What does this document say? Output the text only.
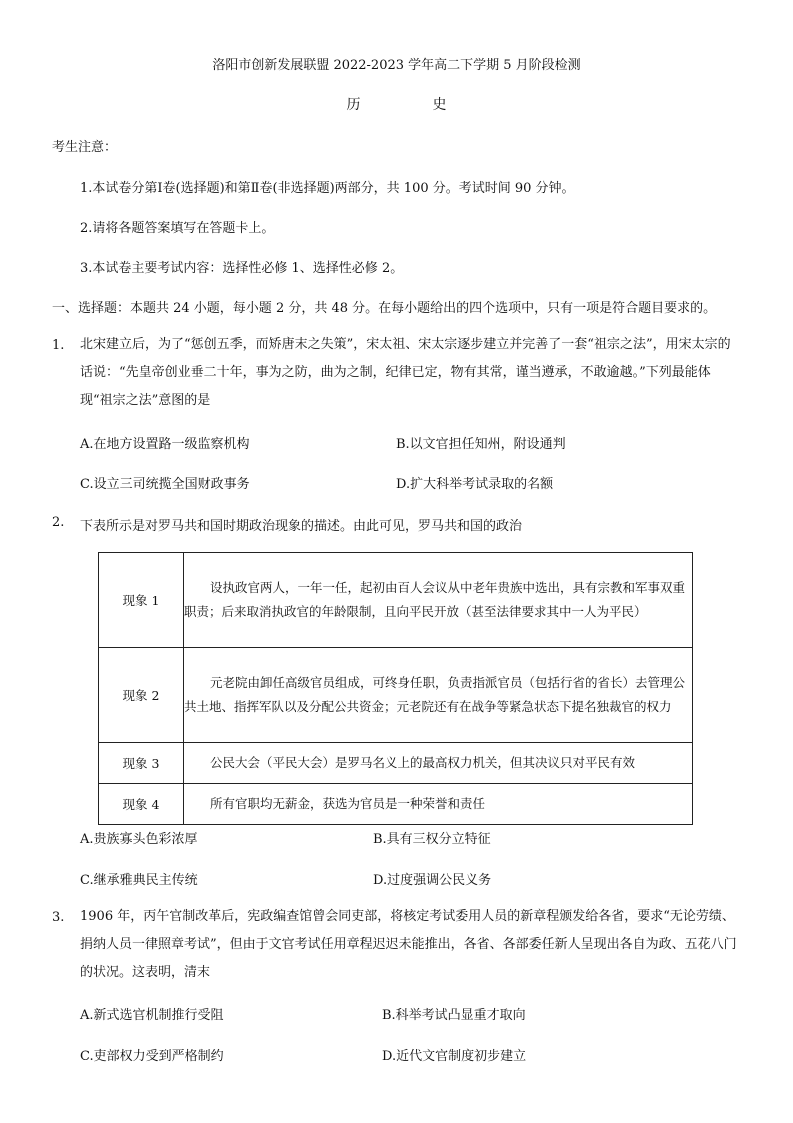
洛阳市创新发展联盟 2022-2023 学年高二下学期 5 月阶段检测
历	史
考生注意：
1.本试卷分第Ⅰ卷(选择题)和第Ⅱ卷(非选择题)两部分，共 100 分。考试时间 90 分钟。
2.请将各题答案填写在答题卡上。
3.本试卷主要考试内容：选择性必修 1、选择性必修 2。
一、选择题：本题共 24 小题，每小题 2 分，共 48 分。在每小题给出的四个选项中，只有一项是符合题目要求的。
1. 北宋建立后，为了“惩创五季，而矫唐末之失策”，宋太祖、宋太宗逐步建立并完善了一套“祖宗之法”，用宋太宗的话说：“先皇帝创业垂二十年，事为之防，曲为之制，纪律已定，物有其常，谨当遵承，不敢逾越。”下列最能体现“祖宗之法”意图的是
A.在地方设置路一级监察机构	B.以文官担任知州，附设通判
C.设立三司统揽全国财政事务	D.扩大科举考试录取的名额
2. 下表所示是对罗马共和国时期政治现象的描述。由此可见，罗马共和国的政治
现象 1	设执政官两人，一年一任，起初由百人会议从中老年贵族中选出，具有宗教和军事双重职责；后来取消执政官的年龄限制，且向平民开放（甚至法律要求其中一人为平民）
现象 2	元老院由卸任高级官员组成，可终身任职，负责指派官员（包括行省的省长）去管理公共土地、指挥军队以及分配公共资金；元老院还有在战争等紧急状态下提名独裁官的权力
现象 3	公民大会（平民大会）是罗马名义上的最高权力机关，但其决议只对平民有效
现象 4	所有官职均无薪金，获选为官员是一种荣誉和责任
A.贵族寡头色彩浓厚	B.具有三权分立特征
C.继承雅典民主传统	D.过度强调公民义务
3. 1906 年，丙午官制改革后，宪政编查馆曾会同吏部，将核定考试委用人员的新章程颁发给各省，要求“无论劳绩、捐纳人员一律照章考试”，但由于文官考试任用章程迟迟未能推出，各省、各部委任新人呈现出各自为政、五花八门的状况。这表明，清末
A.新式选官机制推行受阻	B.科举考试凸显重才取向
C.吏部权力受到严格制约	D.近代文官制度初步建立
